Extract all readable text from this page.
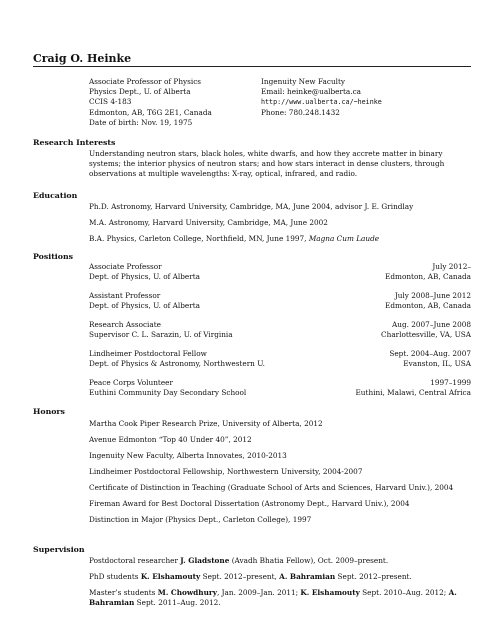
Craig O. Heinke
Associate Professor of Physics
Physics Dept., U. of Alberta
CCIS 4-183
Edmonton, AB, T6G 2E1, Canada
Date of birth: Nov. 19, 1975
Ingenuity New Faculty
Email: heinke@ualberta.ca
http://www.ualberta.ca/~heinke
Phone: 780.248.1432
Research Interests
Understanding neutron stars, black holes, white dwarfs, and how they accrete matter in binary systems; the interior physics of neutron stars; and how stars interact in dense clusters, through observations at multiple wavelengths: X-ray, optical, infrared, and radio.
Education
Ph.D. Astronomy, Harvard University, Cambridge, MA, June 2004, advisor J. E. Grindlay
M.A. Astronomy, Harvard University, Cambridge, MA, June 2002
B.A. Physics, Carleton College, Northfield, MN, June 1997, Magna Cum Laude
Positions
Associate Professor	July 2012–
Dept. of Physics, U. of Alberta	Edmonton, AB, Canada
Assistant Professor	July 2008–June 2012
Dept. of Physics, U. of Alberta	Edmonton, AB, Canada
Research Associate	Aug. 2007–June 2008
Supervisor C. L. Sarazin, U. of Virginia	Charlottesville, VA, USA
Lindheimer Postdoctoral Fellow	Sept. 2004–Aug. 2007
Dept. of Physics & Astronomy, Northwestern U.	Evanston, IL, USA
Peace Corps Volunteer	1997–1999
Euthini Community Day Secondary School	Euthini, Malawi, Central Africa
Honors
Martha Cook Piper Research Prize, University of Alberta, 2012
Avenue Edmonton “Top 40 Under 40”, 2012
Ingenuity New Faculty, Alberta Innovates, 2010-2013
Lindheimer Postdoctoral Fellowship, Northwestern University, 2004-2007
Certificate of Distinction in Teaching (Graduate School of Arts and Sciences, Harvard Univ.), 2004
Fireman Award for Best Doctoral Dissertation (Astronomy Dept., Harvard Univ.), 2004
Distinction in Major (Physics Dept., Carleton College), 1997
Supervision
Postdoctoral researcher J. Gladstone (Avadh Bhatia Fellow), Oct. 2009–present.
PhD students K. Elshamouty Sept. 2012–present, A. Bahramian Sept. 2012–present.
Master’s students M. Chowdhury, Jan. 2009–Jan. 2011; K. Elshamouty Sept. 2010–Aug. 2012; A. Bahramian Sept. 2011–Aug. 2012.
